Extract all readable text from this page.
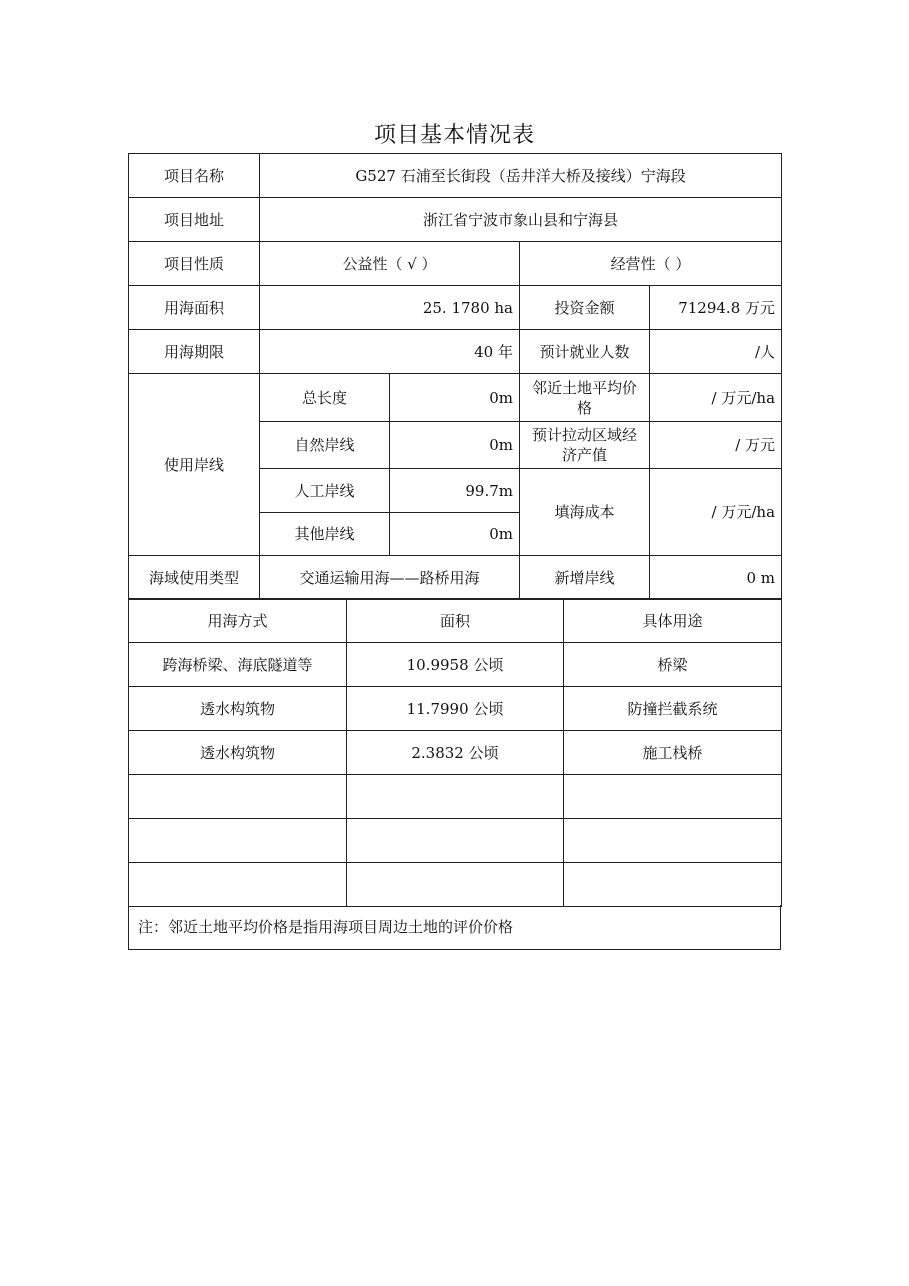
项目基本情况表
项目名称	G527 石浦至长街段（岳井洋大桥及接线）宁海段			
项目地址	浙江省宁波市象山县和宁海县			
项目性质	公益性（ √ ）		经营性（ ）	
用海面积	25. 1780 ha		投资金额	71294.8 万元
用海期限	40 年		预计就业人数	/人
使用岸线	总长度	0m	邻近土地平均价格	/ 万元/ha
	自然岸线	0m	预计拉动区域经济产值	/ 万元
	人工岸线	99.7m	填海成本	/ 万元/ha
	其他岸线	0m		
海域使用类型	交通运输用海——路桥用海		新增岸线	0 m
用海方式	面积	具体用途
跨海桥梁、海底隧道等	10.9958 公顷	桥梁
透水构筑物	11.7990 公顷	防撞拦截系统
透水构筑物	2.3832 公顷	施工栈桥

注：邻近土地平均价格是指用海项目周边土地的评价价格
